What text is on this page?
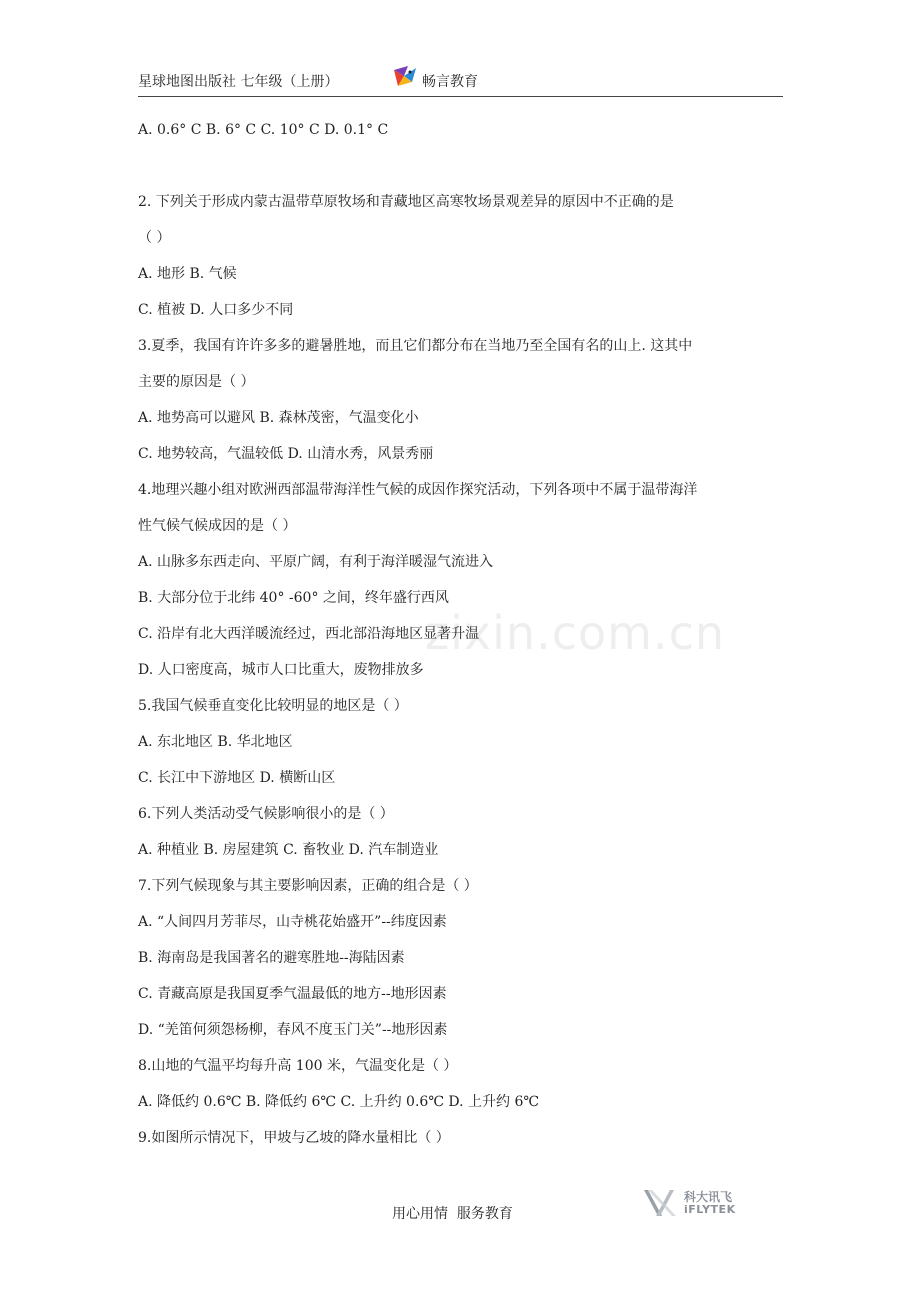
星球地图出版社 七年级（上册）	畅言教育
zixin.com.cn
A. 0.6° C B. 6° C C. 10° C D. 0.1° C
2. 下列关于形成内蒙古温带草原牧场和青藏地区高寒牧场景观差异的原因中不正确的是
（ ）
A. 地形 B. 气候
C. 植被 D. 人口多少不同
3.夏季，我国有许许多多的避暑胜地，而且它们都分布在当地乃至全国有名的山上. 这其中
主要的原因是（ ）
A. 地势高可以避风 B. 森林茂密，气温变化小
C. 地势较高，气温较低 D. 山清水秀，风景秀丽
4.地理兴趣小组对欧洲西部温带海洋性气候的成因作探究活动，下列各项中不属于温带海洋
性气候气候成因的是（ ）
A. 山脉多东西走向、平原广阔，有利于海洋暖湿气流进入
B. 大部分位于北纬 40° -60° 之间，终年盛行西风
C. 沿岸有北大西洋暖流经过，西北部沿海地区显著升温
D. 人口密度高，城市人口比重大，废物排放多
5.我国气候垂直变化比较明显的地区是（ ）
A. 东北地区 B. 华北地区
C. 长江中下游地区 D. 横断山区
6.下列人类活动受气候影响很小的是（ ）
A. 种植业 B. 房屋建筑 C. 畜牧业 D. 汽车制造业
7.下列气候现象与其主要影响因素，正确的组合是（ ）
A. “人间四月芳菲尽，山寺桃花始盛开”--纬度因素
B. 海南岛是我国著名的避寒胜地--海陆因素
C. 青藏高原是我国夏季气温最低的地方--地形因素
D. “羌笛何须怨杨柳，春风不度玉门关”--地形因素
8.山地的气温平均每升高 100 米，气温变化是（ ）
A. 降低约 0.6℃ B. 降低约 6℃ C. 上升约 0.6℃ D. 上升约 6℃
9.如图所示情况下，甲坡与乙坡的降水量相比（ ）
用心用情  服务教育
科大讯飞
iFLYTEK
